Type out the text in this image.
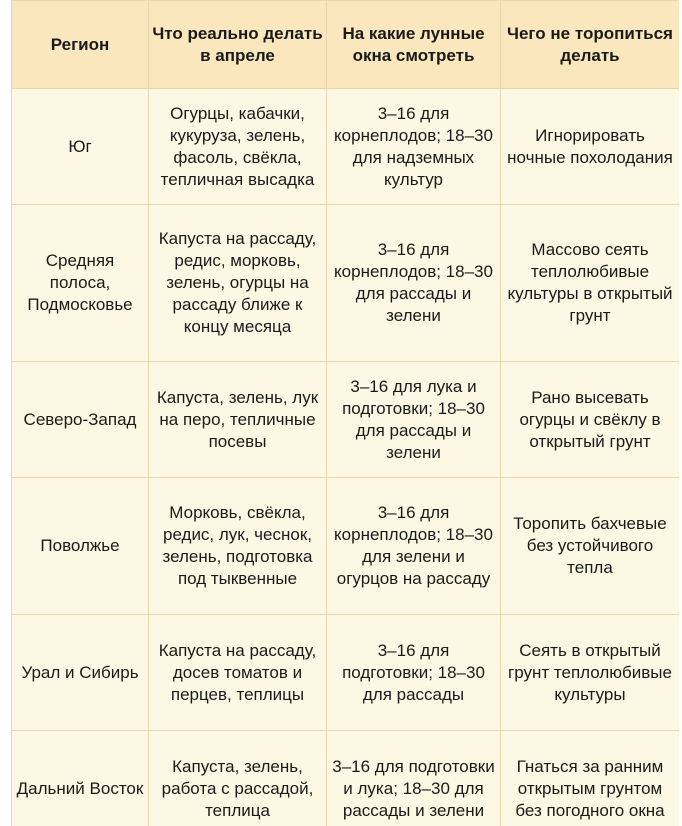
Регион	Что реально делать в апреле	На какие лунные окна смотреть	Чего не торопиться делать
Юг	Огурцы, кабачки, кукуруза, зелень, фасоль, свёкла, тепличная высадка	3–16 для корнеплодов; 18–30 для надземных культур	Игнорировать ночные похолодания
Средняя полоса, Подмосковье	Капуста на рассаду, редис, морковь, зелень, огурцы на рассаду ближе к концу месяца	3–16 для корнеплодов; 18–30 для рассады и зелени	Массово сеять теплолюбивые культуры в открытый грунт
Северо-Запад	Капуста, зелень, лук на перо, тепличные посевы	3–16 для лука и подготовки; 18–30 для рассады и зелени	Рано высевать огурцы и свёклу в открытый грунт
Поволжье	Морковь, свёкла, редис, лук, чеснок, зелень, подготовка под тыквенные	3–16 для корнеплодов; 18–30 для зелени и огурцов на рассаду	Торопить бахчевые без устойчивого тепла
Урал и Сибирь	Капуста на рассаду, досев томатов и перцев, теплицы	3–16 для подготовки; 18–30 для рассады	Сеять в открытый грунт теплолюбивые культуры
Дальний Восток	Капуста, зелень, работа с рассадой, теплица	3–16 для подготовки и лука; 18–30 для рассады и зелени	Гнаться за ранним открытым грунтом без погодного окна
